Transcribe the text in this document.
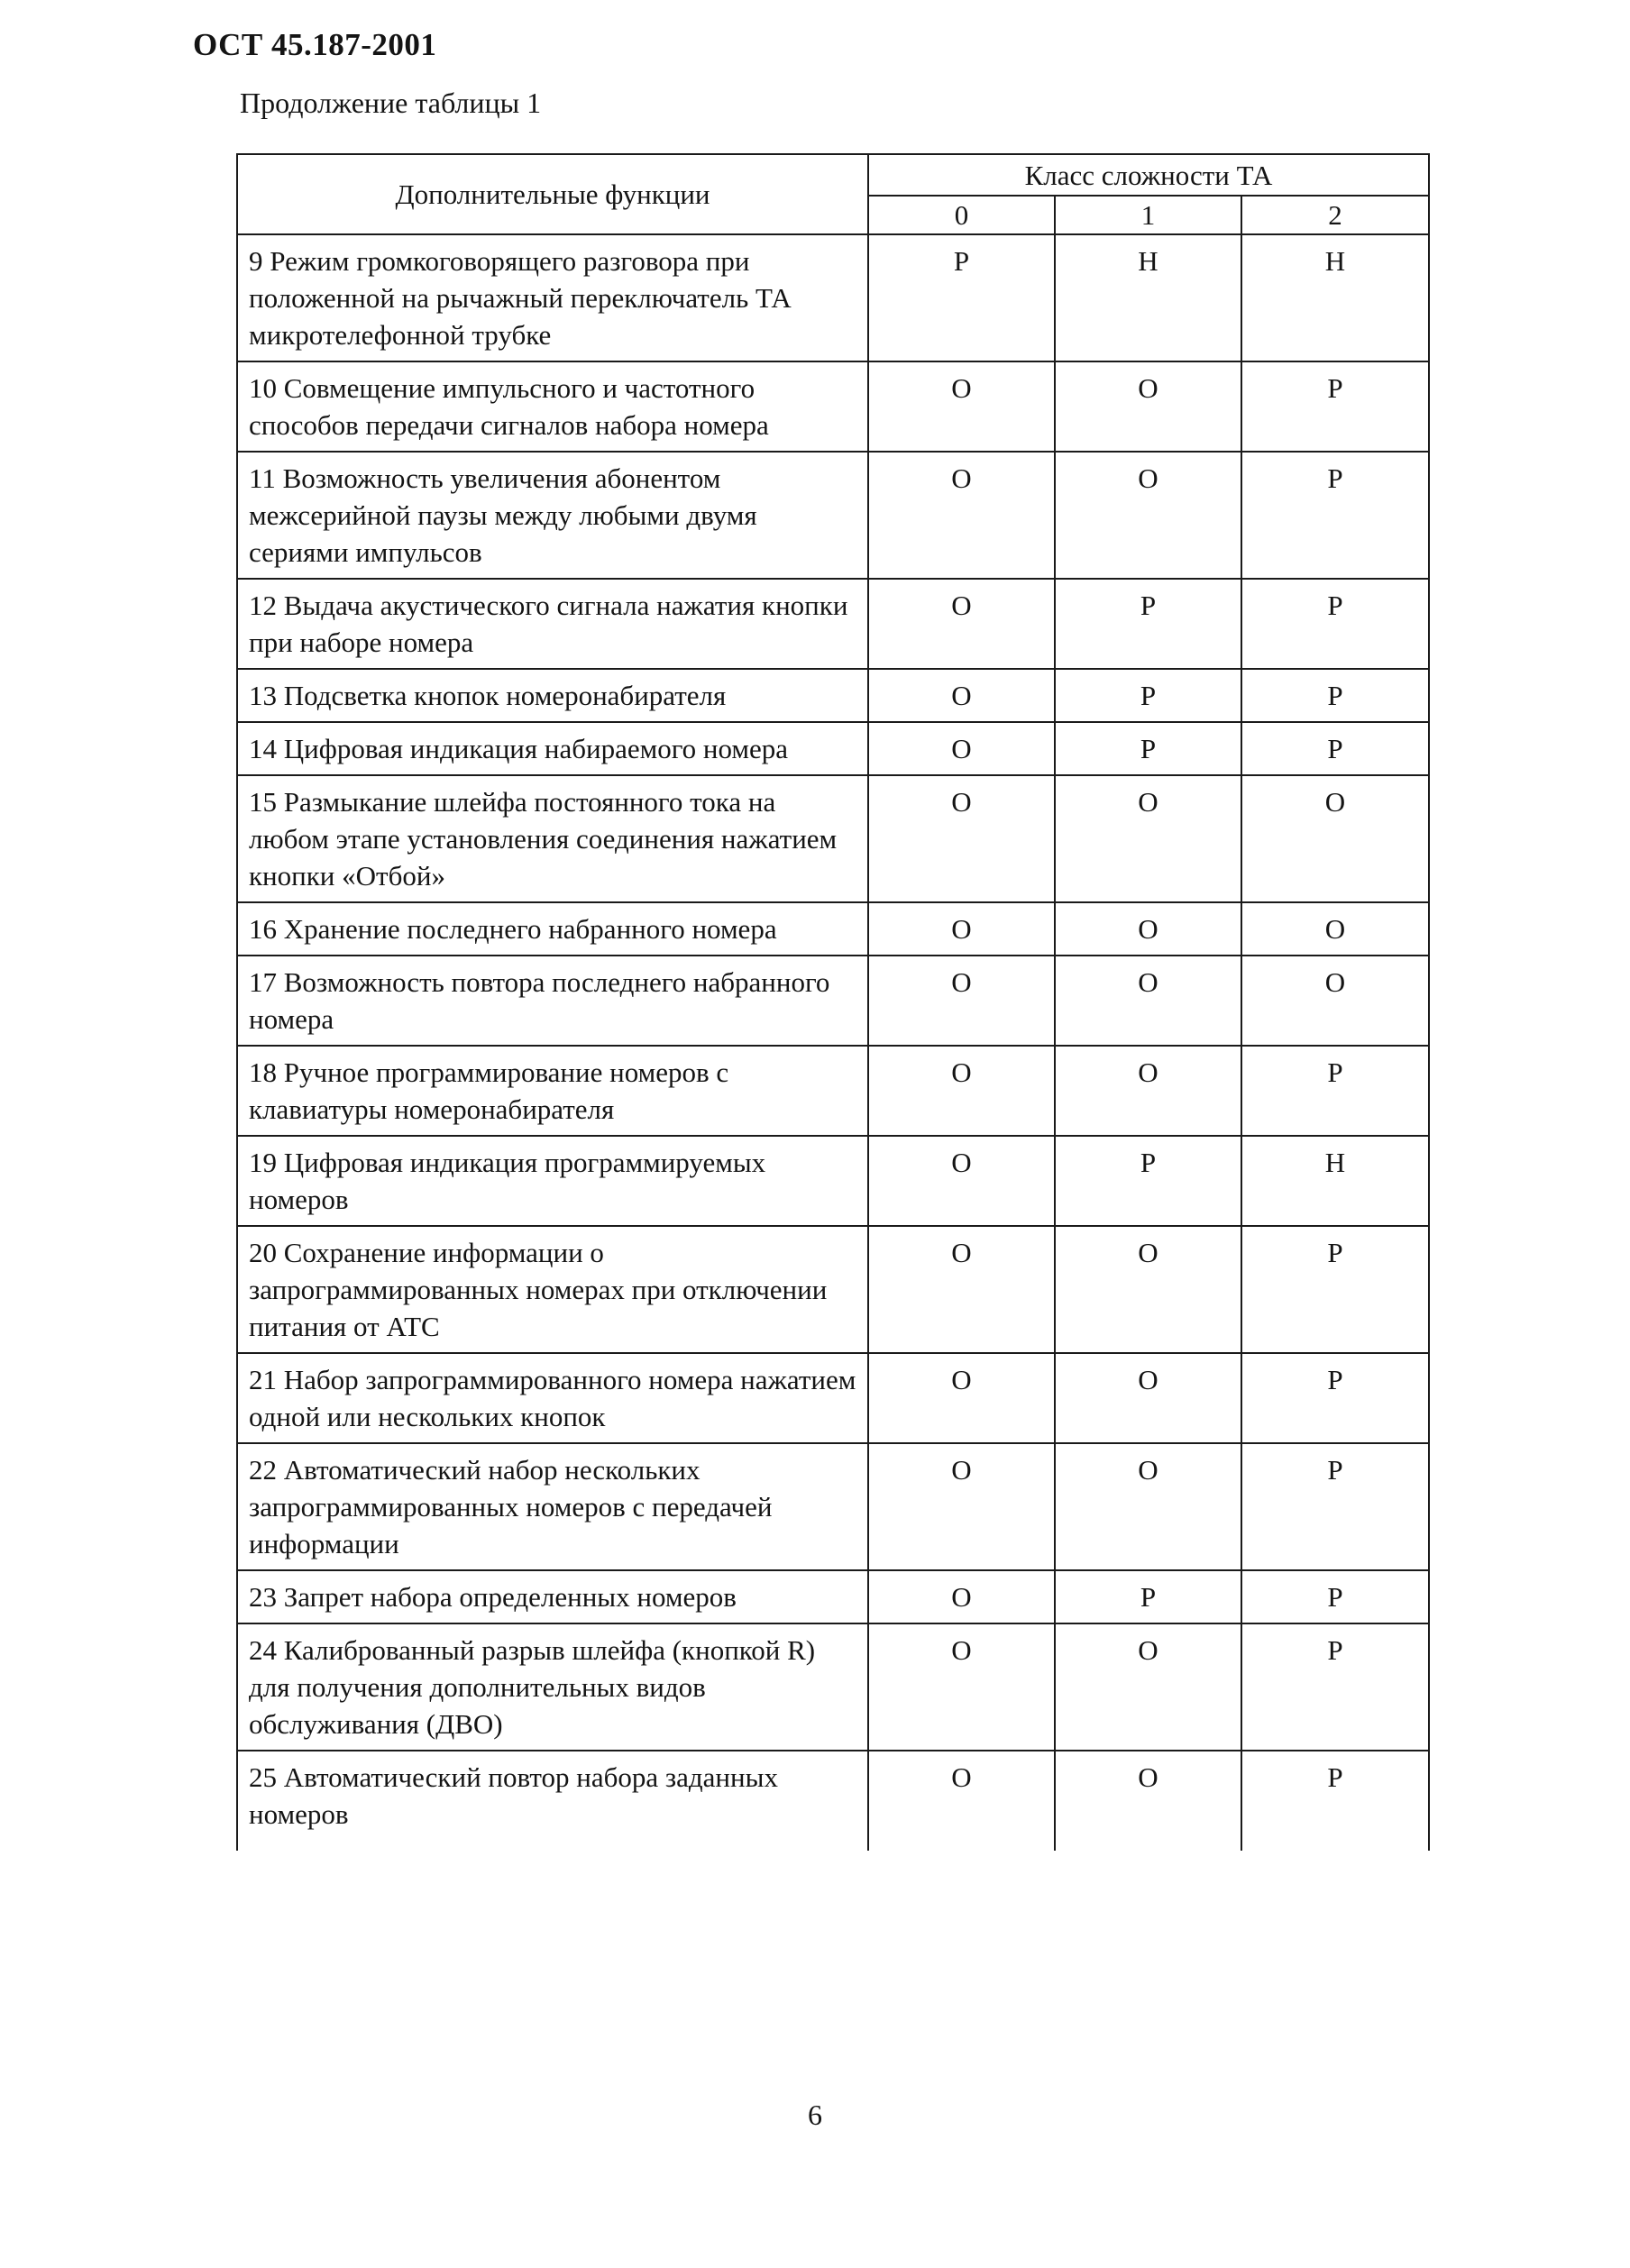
ОСТ 45.187-2001
Продолжение таблицы 1
Дополнительные функции	Класс сложности ТА		
	0	1	2
9 Режим громкоговорящего разговора при положенной на рычажный переключатель ТА микротелефонной трубке	Р	Н	Н
10 Совмещение импульсного и частотного способов передачи сигналов набора номера	О	О	Р
11 Возможность увеличения абонентом межсерийной паузы между любыми двумя сериями импульсов	О	О	Р
12 Выдача акустического сигнала нажатия кнопки при наборе номера	О	Р	Р
13 Подсветка кнопок номеронабирателя	О	Р	Р
14 Цифровая индикация набираемого номера	О	Р	Р
15 Размыкание шлейфа постоянного тока на любом этапе установления соединения нажатием кнопки «Отбой»	О	О	О
16 Хранение последнего набранного номера	О	О	О
17 Возможность повтора последнего набранного номера	О	О	О
18 Ручное программирование номеров с клавиатуры номеронабирателя	О	О	Р
19 Цифровая индикация программируемых номеров	О	Р	Н
20 Сохранение информации о запрограммированных номерах при отключении питания от АТС	О	О	Р
21 Набор запрограммированного номера нажатием одной или нескольких кнопок	О	О	Р
22 Автоматический набор нескольких запрограммированных номеров с передачей информации	О	О	Р
23 Запрет набора определенных номеров	О	Р	Р
24 Калиброванный разрыв шлейфа (кнопкой R) для получения дополнительных видов обслуживания (ДВО)	О	О	Р
25 Автоматический повтор набора заданных номеров	О	О	Р
6
